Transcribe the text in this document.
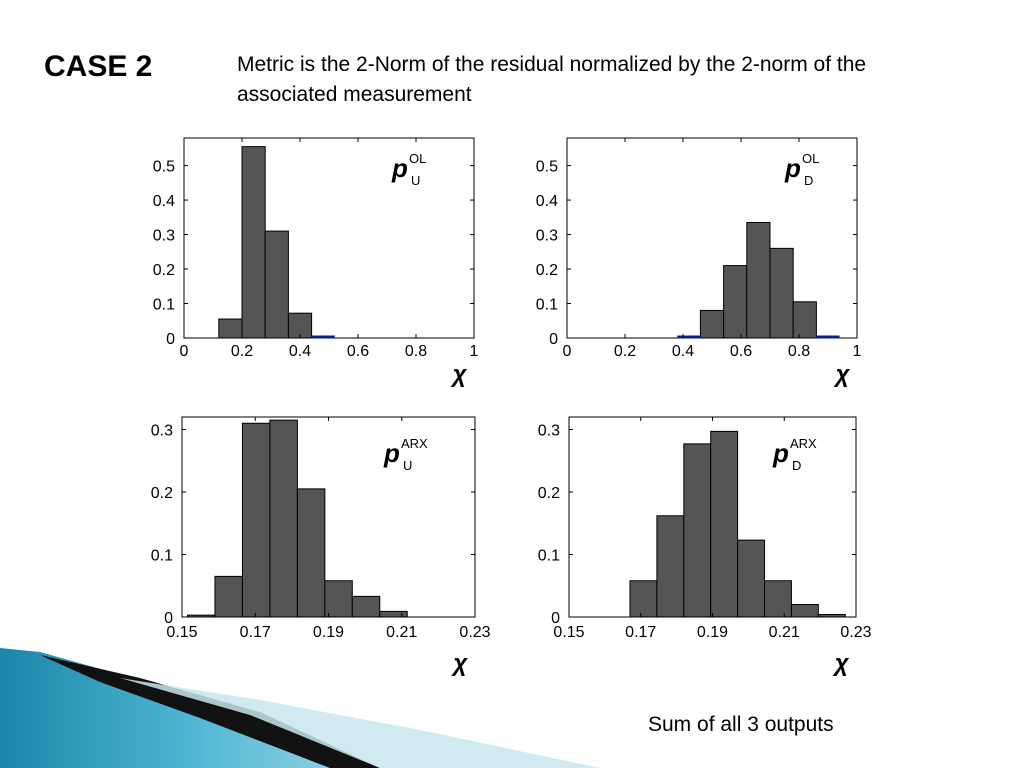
CASE 2	Metric is the 2-Norm of the residual normalized by the 2-norm of the associated measurement
0	0.2 0.4 0.6 0.8	1
0
0.1
0.2
0.3
0.4
0.5
χ
p OL
U
0	0.2 0.4 0.6 0.8	1
0
0.1
0.2
0.3
0.4
0.5
χ
p OL
D
0.15	0.17	0.19	0.21	0.23
0
0.1
0.2
0.3
χ
p ARX
U
0.15	0.17	0.19	0.21	0.23
0
0.1
0.2
0.3
χ
p ARX
D
Sum of all 3 outputs
